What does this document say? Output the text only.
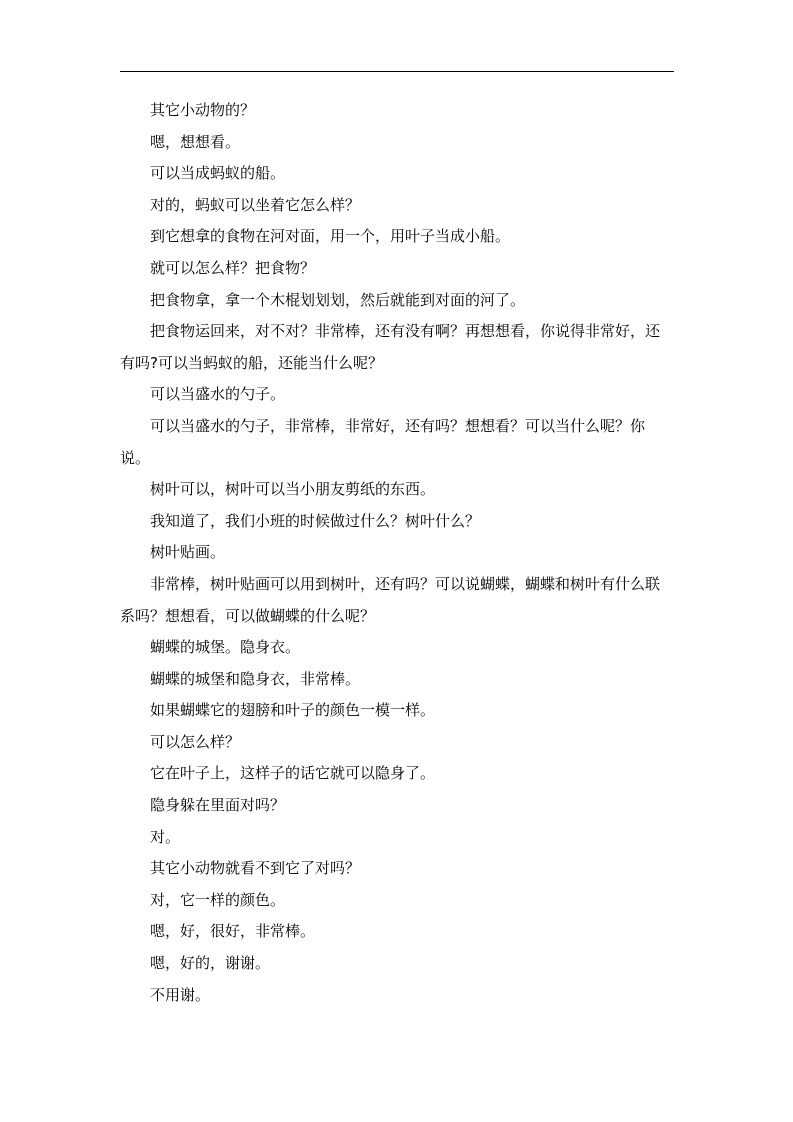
其它小动物的？

嗯，想想看。

可以当成蚂蚁的船。

对的，蚂蚁可以坐着它怎么样？

到它想拿的食物在河对面，用一个，用叶子当成小船。

就可以怎么样？把食物？

把食物拿，拿一个木棍划划划，然后就能到对面的河了。

把食物运回来，对不对？非常棒，还有没有啊？再想想看，你说得非常好，还有吗?可以当蚂蚁的船，还能当什么呢？

可以当盛水的勺子。

可以当盛水的勺子，非常棒，非常好，还有吗？想想看？可以当什么呢？你说。

树叶可以，树叶可以当小朋友剪纸的东西。

我知道了，我们小班的时候做过什么？树叶什么？

树叶贴画。

非常棒，树叶贴画可以用到树叶，还有吗？可以说蝴蝶，蝴蝶和树叶有什么联系吗？想想看，可以做蝴蝶的什么呢？

蝴蝶的城堡。隐身衣。

蝴蝶的城堡和隐身衣，非常棒。

如果蝴蝶它的翅膀和叶子的颜色一模一样。

可以怎么样？

它在叶子上，这样子的话它就可以隐身了。

隐身躲在里面对吗？

对。

其它小动物就看不到它了对吗？

对，它一样的颜色。

嗯，好，很好，非常棒。

嗯，好的，谢谢。

不用谢。
